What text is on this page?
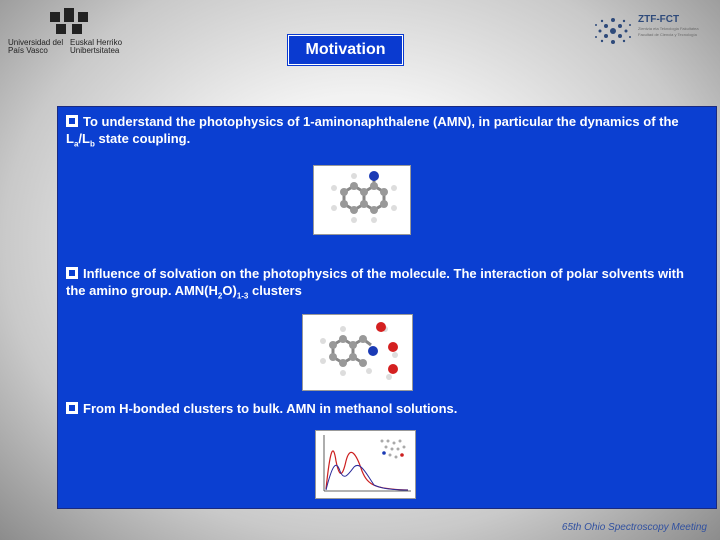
Universidad del País Vasco
Euskal Herriko Unibertsitatea
ZTF-FCT
Zientzia eta Teknologia Fakultatea Facultad de Ciencia y Tecnología
Motivation
To understand the photophysics of 1-aminonaphthalene (AMN), in particular the dynamics of the $L_a/L_b$ state coupling.
Influence of solvation on the photophysics of the molecule. The interaction of polar solvents with the amino group. $AMN(H_2O)_{1-3}$ clusters
From H-bonded clusters to bulk. AMN in methanol solutions.
65th Ohio Spectroscopy Meeting
